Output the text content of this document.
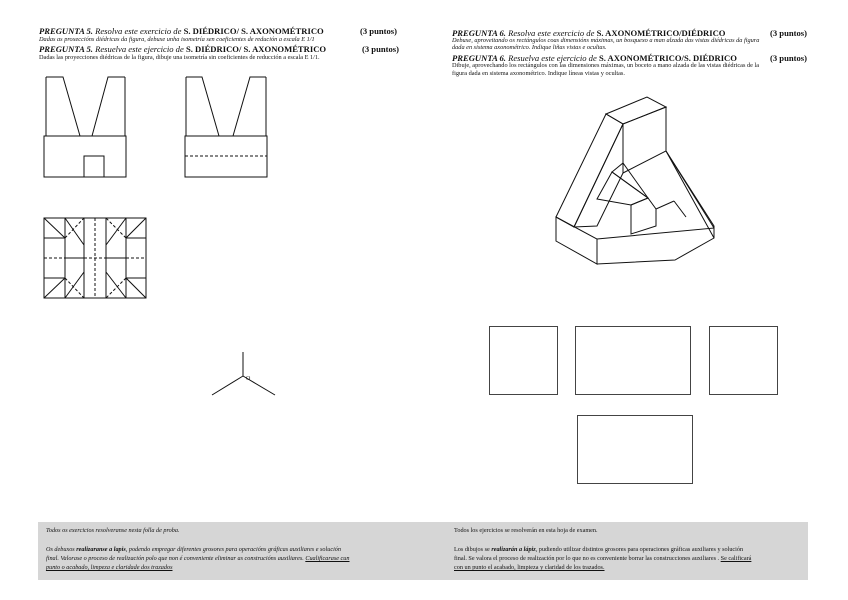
PREGUNTA 5. Resolva este exercicio de S. DIÉDRICO/ S. AXONOMÉTRICO	(3 puntos)
Dadas as proxeccións diédricas da figura, debuxe unha isometría sen coeficientes de redución a escala E 1/1
PREGUNTA 5. Resuelva este ejercicio de S. DIÉDRICO/ S. AXONOMÉTRICO	(3 puntos)
Dadas las proyecciones diédricas de la figura, dibuje una isometría sin coeficientes de reducción a escala E 1/1.
PREGUNTA 6. Resolva este exercicio de S. AXONOMÉTRICO/DIÉDRICO	(3 puntos)
Debuxe, aproveitando os rectángulos coas dimensións máximas, un bosquexo a man alzada das vistas diédricas da figura
dada en sistema axonométrico. Indique liñas vistas e ocultas.
PREGUNTA 6. Resuelva este ejercicio de S. AXONOMÉTRICO/S. DIÉDRICO	(3 puntos)
Dibuje, aprovechando los rectángulos con las dimensiones máximas, un boceto a mano alzada de las vistas diédricas de la
figura dada en sistema axonométrico. Indique líneas vistas y ocultas.
O
Todos os exercicios resolveranse nesta folla de proba.
Os debuxos realizaranse a lapis, podendo empregar diferentes grosores para operacións gráficas auxiliares e solución
final. Valorase o proceso de realización polo que non é conveniente eliminar as construcións auxiliares. Cualificarase cun
punto o acabado, limpeza e claridade dos trazados
Todos los ejercicios se resolverán en esta hoja de examen.
Los dibujos se realizarán a lápiz, pudiendo utilizar distintos grosores para operaciones gráficas auxiliares y solución
final. Se valora el proceso de realización por lo que no es conveniente borrar las construcciones auxiliares . Se calificará
con un punto el acabado, limpieza y claridad de los trazados.
